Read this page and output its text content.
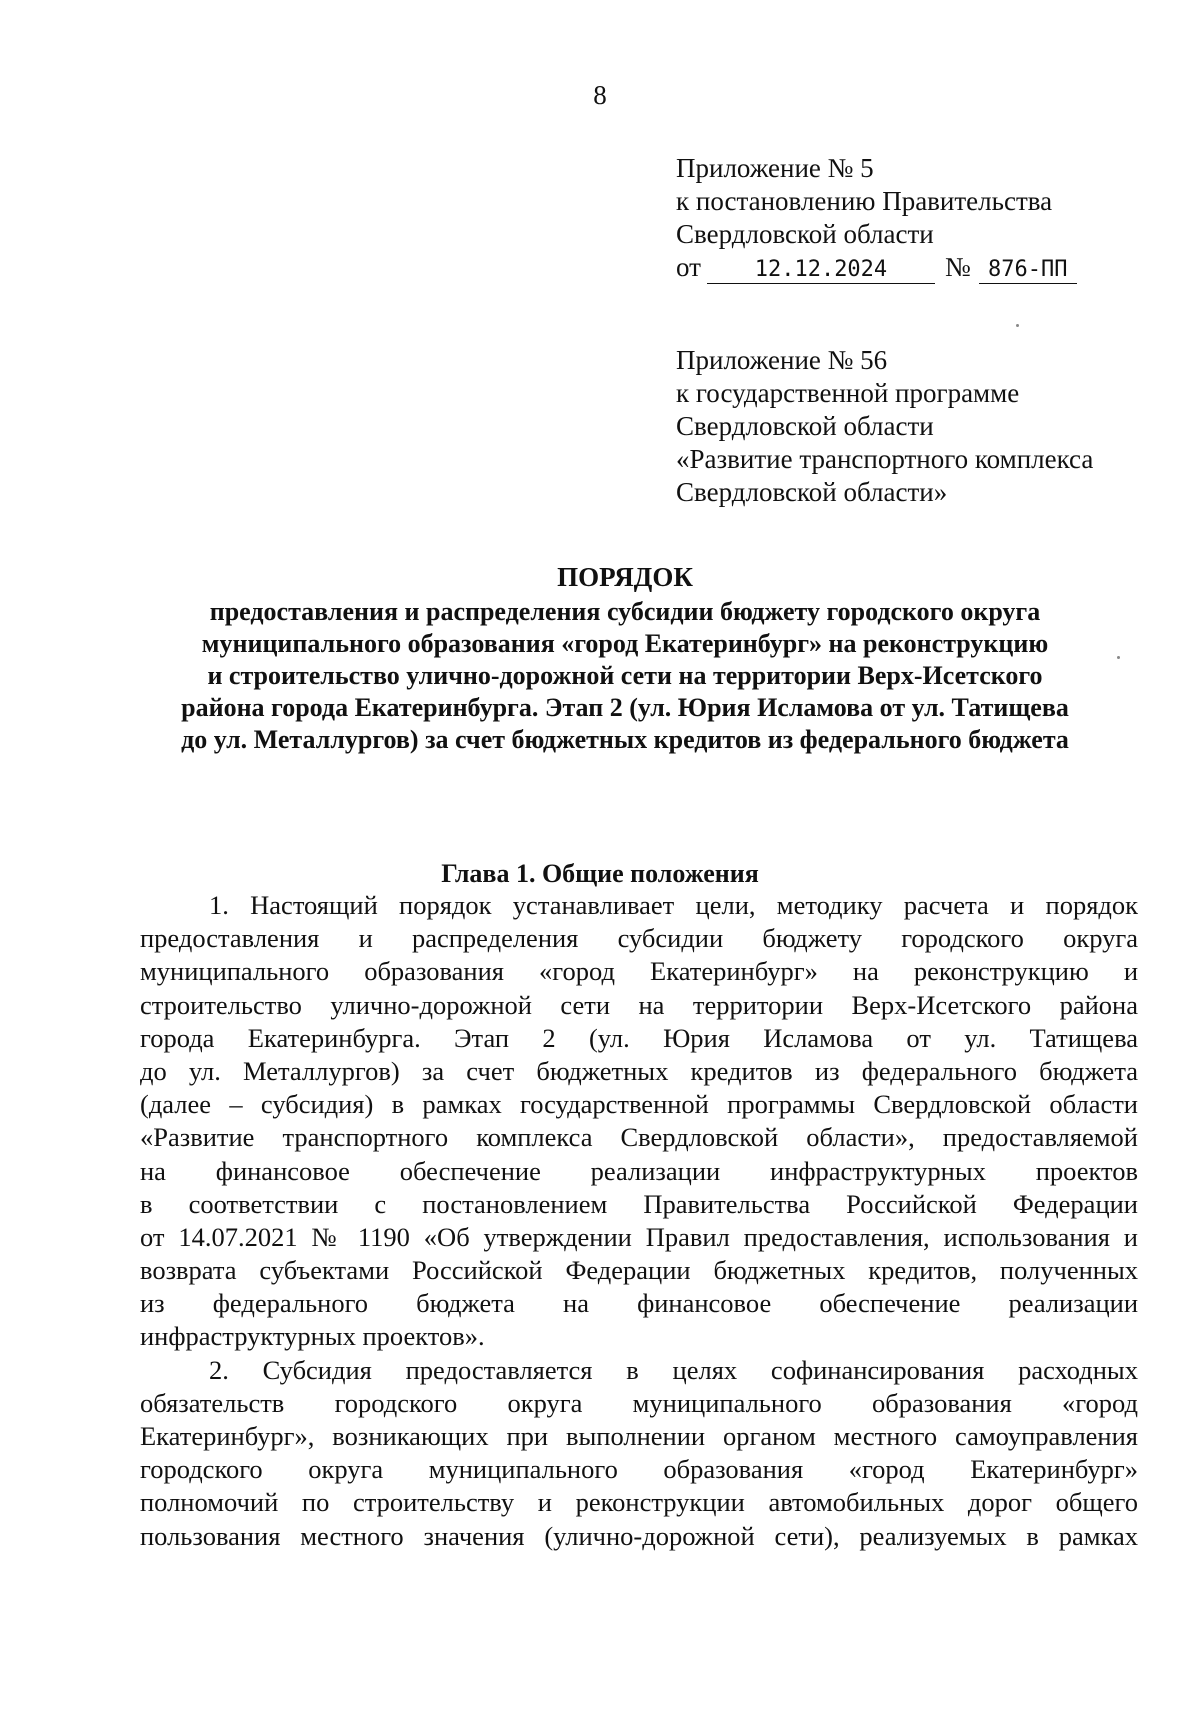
8
Приложение № 5
к постановлению Правительства
Свердловской области
от 12.12.2024 № 876-ПП
Приложение № 56
к государственной программе
Свердловской области
«Развитие транспортного комплекса
Свердловской области»
ПОРЯДОК
предоставления и распределения субсидии бюджету городского округа
муниципального образования «город Екатеринбург» на реконструкцию
и строительство улично-дорожной сети на территории Верх-Исетского
района города Екатеринбурга. Этап 2 (ул. Юрия Исламова от ул. Татищева
до ул. Металлургов) за счет бюджетных кредитов из федерального бюджета
Глава 1. Общие положения
1. Настоящий порядок устанавливает цели, методику расчета и порядок
предоставления и распределения субсидии бюджету городского округа
муниципального образования «город Екатеринбург» на реконструкцию и
строительство улично-дорожной сети на территории Верх-Исетского района
города Екатеринбурга. Этап 2 (ул. Юрия Исламова от ул. Татищева
до ул. Металлургов) за счет бюджетных кредитов из федерального бюджета
(далее – субсидия) в рамках государственной программы Свердловской области
«Развитие транспортного комплекса Свердловской области», предоставляемой
на финансовое обеспечение реализации инфраструктурных проектов
в соответствии с постановлением Правительства Российской Федерации
от 14.07.2021 № 1190 «Об утверждении Правил предоставления, использования и
возврата субъектами Российской Федерации бюджетных кредитов, полученных
из федерального бюджета на финансовое обеспечение реализации
инфраструктурных проектов».
2. Субсидия предоставляется в целях софинансирования расходных
обязательств городского округа муниципального образования «город
Екатеринбург», возникающих при выполнении органом местного самоуправления
городского округа муниципального образования «город Екатеринбург»
полномочий по строительству и реконструкции автомобильных дорог общего
пользования местного значения (улично-дорожной сети), реализуемых в рамках
